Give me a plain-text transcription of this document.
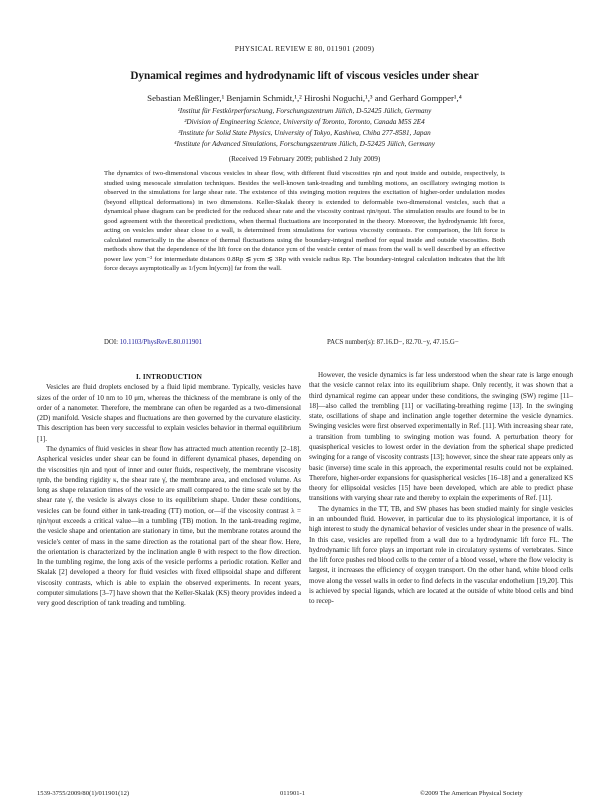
PHYSICAL REVIEW E 80, 011901 (2009)
Dynamical regimes and hydrodynamic lift of viscous vesicles under shear
Sebastian Meßlinger,¹ Benjamin Schmidt,¹,² Hiroshi Noguchi,¹,³ and Gerhard Gompper¹,⁴
¹Institut für Festkörperforschung, Forschungszentrum Jülich, D-52425 Jülich, Germany
²Division of Engineering Science, University of Toronto, Toronto, Canada M5S 2E4
³Institute for Solid State Physics, University of Tokyo, Kashiwa, Chiba 277-8581, Japan
⁴Institute for Advanced Simulations, Forschungszentrum Jülich, D-52425 Jülich, Germany
(Received 19 February 2009; published 2 July 2009)

The dynamics of two-dimensional viscous vesicles in shear flow, with different fluid viscosities ηin and ηout inside and outside, respectively, is studied using mesoscale simulation techniques. Besides the well-known tank-treading and tumbling motions, an oscillatory swinging motion is observed in the simulations for large shear rate. The existence of this swinging motion requires the excitation of higher-order undulation modes (beyond elliptical deformations) in two dimensions. Keller-Skalak theory is extended to deformable two-dimensional vesicles, such that a dynamical phase diagram can be predicted for the reduced shear rate and the viscosity contrast ηin/ηout. The simulation results are found to be in good agreement with the theoretical predictions, when thermal fluctuations are incorporated in the theory. Moreover, the hydrodynamic lift force, acting on vesicles under shear close to a wall, is determined from simulations for various viscosity contrasts. For comparison, the lift force is calculated numerically in the absence of thermal fluctuations using the boundary-integral method for equal inside and outside viscosities. Both methods show that the dependence of the lift force on the distance ycm of the vesicle center of mass from the wall is well described by an effective power law ycm⁻² for intermediate distances 0.8Rp ≲ ycm ≲ 3Rp with vesicle radius Rp. The boundary-integral calculation indicates that the lift force decays asymptotically as 1/[ycm ln(ycm)] far from the wall.

DOI: 10.1103/PhysRevE.80.011901	PACS number(s): 87.16.D−, 82.70.−y, 47.15.G−

I. INTRODUCTION

Vesicles are fluid droplets enclosed by a fluid lipid membrane. Typically, vesicles have sizes of the order of 10 nm to 10 μm, whereas the thickness of the membrane is only of the order of a nanometer. Therefore, the membrane can often be regarded as a two-dimensional (2D) manifold. Vesicle shapes and fluctuations are then governed by the curvature elasticity. This description has been very successful to explain vesicles behavior in thermal equilibrium [1].

The dynamics of fluid vesicles in shear flow has attracted much attention recently [2–18]. Aspherical vesicles under shear can be found in different dynamical phases, depending on the viscosities ηin and ηout of inner and outer fluids, respectively, the membrane viscosity ηmb, the bending rigidity κ, the shear rate γ̇, the membrane area, and enclosed volume. As long as shape relaxation times of the vesicle are small compared to the time scale set by the shear rate γ̇, the vesicle is always close to its equilibrium shape. Under these conditions, vesicles can be found either in tank-treading (TT) motion, or—if the viscosity contrast λ = ηin/ηout exceeds a critical value—in a tumbling (TB) motion. In the tank-treading regime, the vesicle shape and orientation are stationary in time, but the membrane rotates around the vesicle's center of mass in the same direction as the rotational part of the shear flow. Here, the orientation is characterized by the inclination angle θ with respect to the flow direction. In the tumbling regime, the long axis of the vesicle performs a periodic rotation. Keller and Skalak [2] developed a theory for fluid vesicles with fixed ellipsoidal shape and different viscosity contrasts, which is able to explain the observed experiments. In recent years, computer simulations [3–7] have shown that the Keller-Skalak (KS) theory provides indeed a very good description of tank treading and tumbling.

However, the vesicle dynamics is far less understood when the shear rate is large enough that the vesicle cannot relax into its equilibrium shape. Only recently, it was shown that a third dynamical regime can appear under these conditions, the swinging (SW) regime [11–18]—also called the trembling [11] or vacillating-breathing regime [13]. In the swinging state, oscillations of shape and inclination angle together determine the vesicle dynamics. Swinging vesicles were first observed experimentally in Ref. [11]. With increasing shear rate, a transition from tumbling to swinging motion was found. A perturbation theory for quasispherical vesicles to lowest order in the deviation from the spherical shape predicted swinging for a range of viscosity contrasts [13]; however, since the shear rate appears only as basic (inverse) time scale in this approach, the experimental results could not be explained. Therefore, higher-order expansions for quasispherical vesicles [16–18] and a generalized KS theory for ellipsoidal vesicles [15] have been developed, which are able to predict phase transitions with varying shear rate and thereby to explain the experiments of Ref. [11].

The dynamics in the TT, TB, and SW phases has been studied mainly for single vesicles in an unbounded fluid. However, in particular due to its physiological importance, it is of high interest to study the dynamical behavior of vesicles under shear in the presence of walls. In this case, vesicles are repelled from a wall due to a hydrodynamic lift force FL. The hydrodynamic lift force plays an important role in circulatory systems of vertebrates. Since the lift force pushes red blood cells to the center of a blood vessel, where the flow velocity is largest, it increases the efficiency of oxygen transport. On the other hand, white blood cells move along the vessel walls in order to find defects in the vascular endothelium [19,20]. This is achieved by special ligands, which are located at the outside of white blood cells and bind to recep-

1539-3755/2009/80(1)/011901(12)	011901-1	©2009 The American Physical Society
